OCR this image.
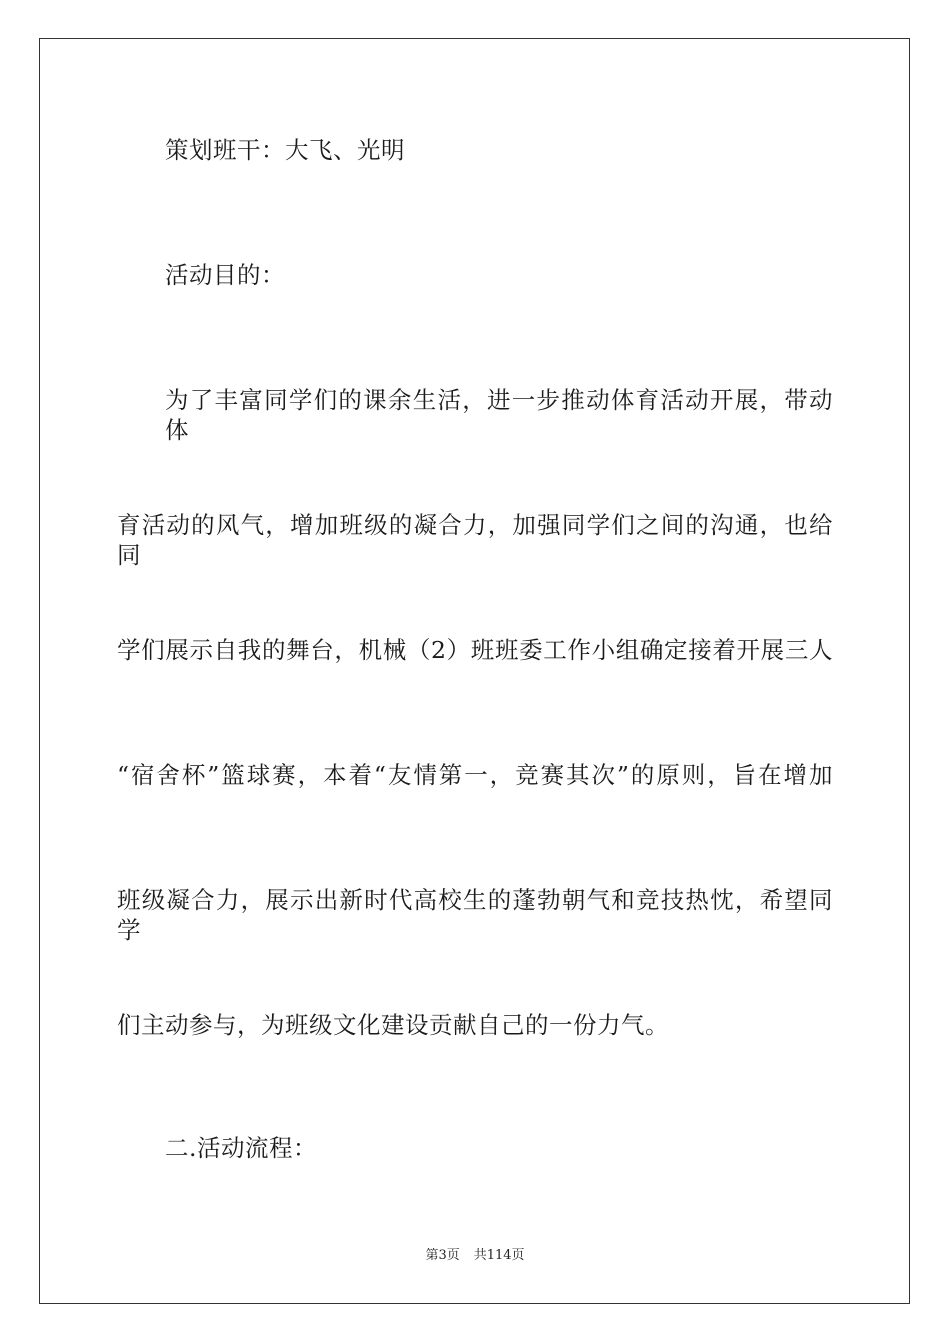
策划班干：大飞、光明
活动目的：
为了丰富同学们的课余生活，进一步推动体育活动开展，带动体
育活动的风气，增加班级的凝合力，加强同学们之间的沟通，也给同
学们展示自我的舞台，机械（2）班班委工作小组确定接着开展三人
“宿舍杯”篮球赛，本着“友情第一，竞赛其次”的原则，旨在增加
班级凝合力，展示出新时代高校生的蓬勃朝气和竞技热忱，希望同学
们主动参与，为班级文化建设贡献自己的一份力气。
二.活动流程：
第3页 共114页
